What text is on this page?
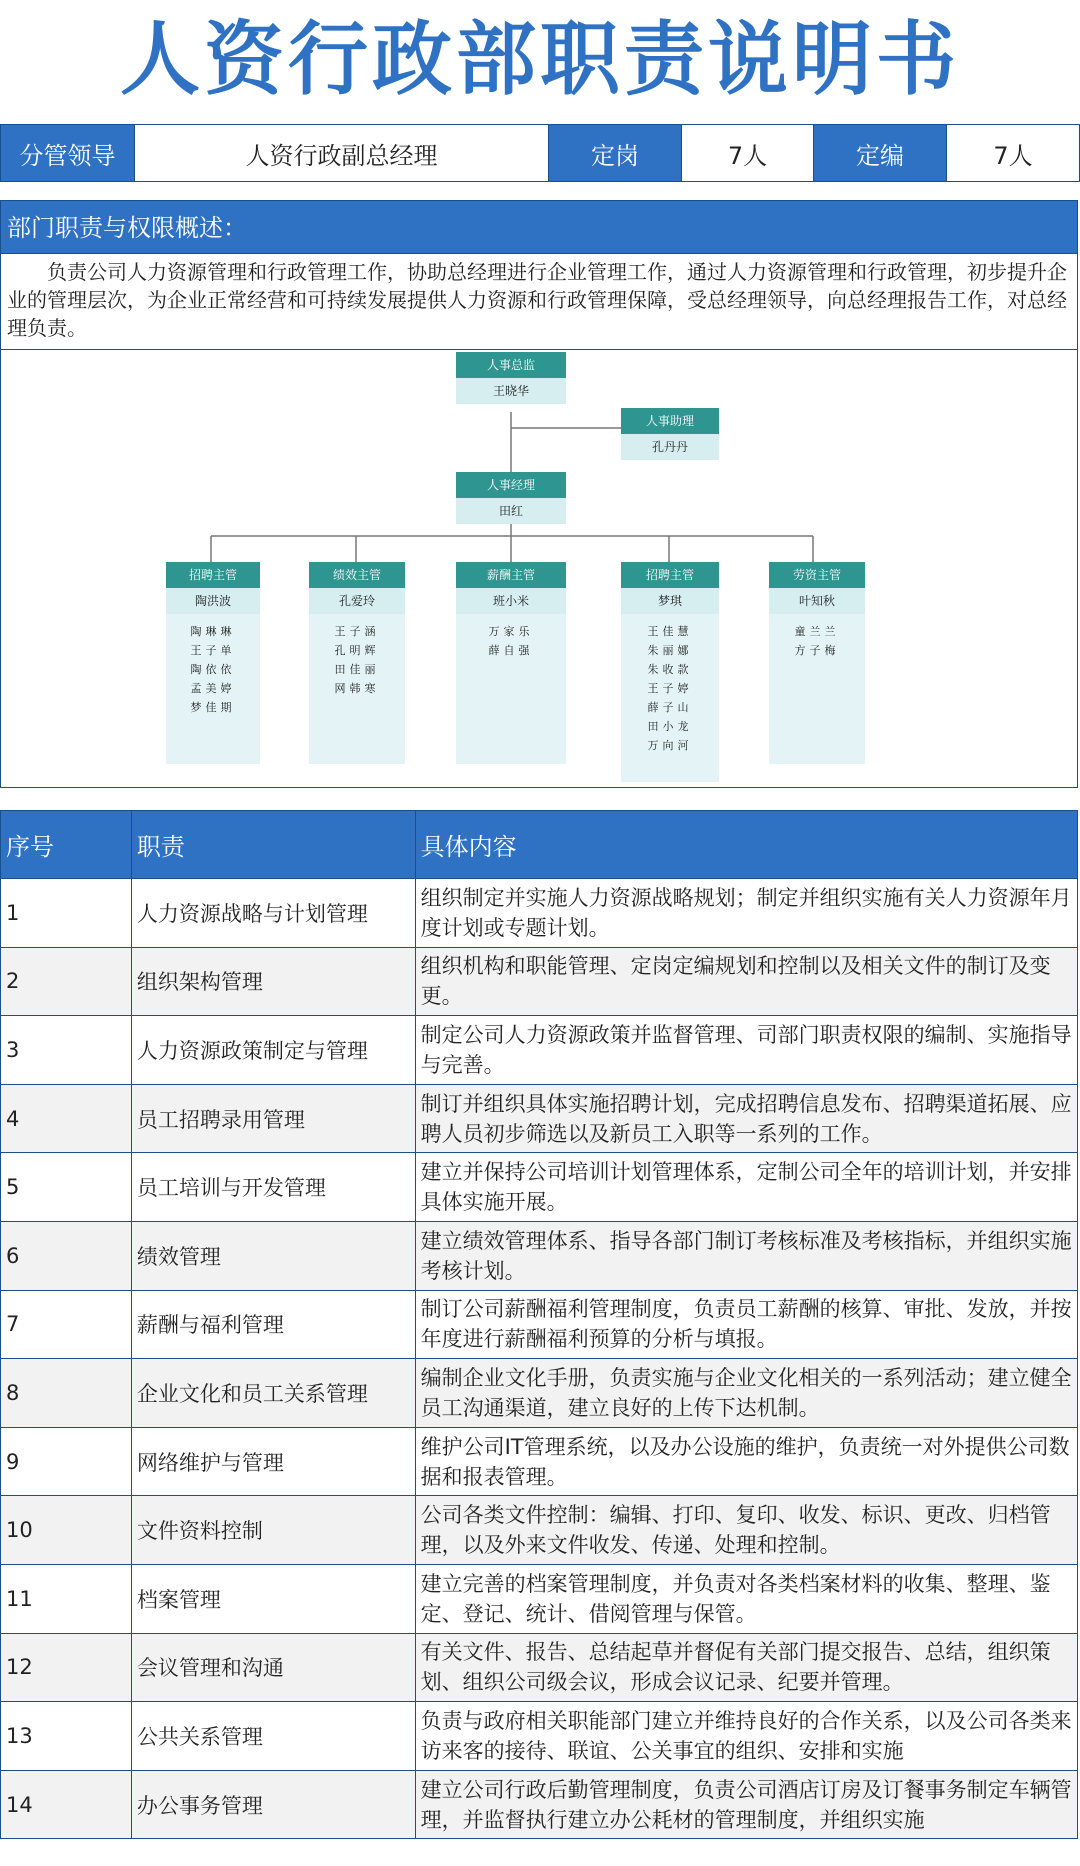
人资行政部职责说明书
分管领导	人资行政副总经理	定岗	7人	定编	7人
部门职责与权限概述：
负责公司人力资源管理和行政管理工作，协助总经理进行企业管理工作，通过人力资源管理和行政管理，初步提升企业的管理层次，为企业正常经营和可持续发展提供人力资源和行政管理保障，受总经理领导，向总经理报告工作，对总经理负责。
人事总监
王晓华
人事助理
孔丹丹
人事经理
田红
招聘主管
陶洪波
陶琳琳
王子单
陶依依
孟美婷
梦佳期
绩效主管
孔爱玲
王子涵
孔明辉
田佳丽
网韩寒
薪酬主管
班小米
万家乐
薛自强
招聘主管
梦琪
王佳慧
朱丽娜
朱收款
王子婷
薛子山
田小龙
万向河
劳资主管
叶知秋
童兰兰
方子梅
序号	职责	具体内容

1	人力资源战略与计划管理	组织制定并实施人力资源战略规划；制定并组织实施有关人力资源年月度计划或专题计划。

2	组织架构管理	组织机构和职能管理、定岗定编规划和控制以及相关文件的制订及变更。

3	人力资源政策制定与管理	制定公司人力资源政策并监督管理、司部门职责权限的编制、实施指导与完善。

4	员工招聘录用管理	制订并组织具体实施招聘计划，完成招聘信息发布、招聘渠道拓展、应聘人员初步筛选以及新员工入职等一系列的工作。

5	员工培训与开发管理	建立并保持公司培训计划管理体系，定制公司全年的培训计划，并安排具体实施开展。

6	绩效管理	建立绩效管理体系、指导各部门制订考核标准及考核指标，并组织实施考核计划。

7	薪酬与福利管理	制订公司薪酬福利管理制度，负责员工薪酬的核算、审批、发放，并按年度进行薪酬福利预算的分析与填报。

8	企业文化和员工关系管理	编制企业文化手册，负责实施与企业文化相关的一系列活动；建立健全员工沟通渠道，建立良好的上传下达机制。

9	网络维护与管理	维护公司IT管理系统，以及办公设施的维护，负责统一对外提供公司数据和报表管理。

10	文件资料控制	公司各类文件控制：编辑、打印、复印、收发、标识、更改、归档管理，以及外来文件收发、传递、处理和控制。

11	档案管理	建立完善的档案管理制度，并负责对各类档案材料的收集、整理、鉴定、登记、统计、借阅管理与保管。

12	会议管理和沟通	有关文件、报告、总结起草并督促有关部门提交报告、总结，组织策划、组织公司级会议，形成会议记录、纪要并管理。

13	公共关系管理	负责与政府相关职能部门建立并维持良好的合作关系，以及公司各类来访来客的接待、联谊、公关事宜的组织、安排和实施

14	办公事务管理	建立公司行政后勤管理制度，负责公司酒店订房及订餐事务制定车辆管理，并监督执行建立办公耗材的管理制度，并组织实施
